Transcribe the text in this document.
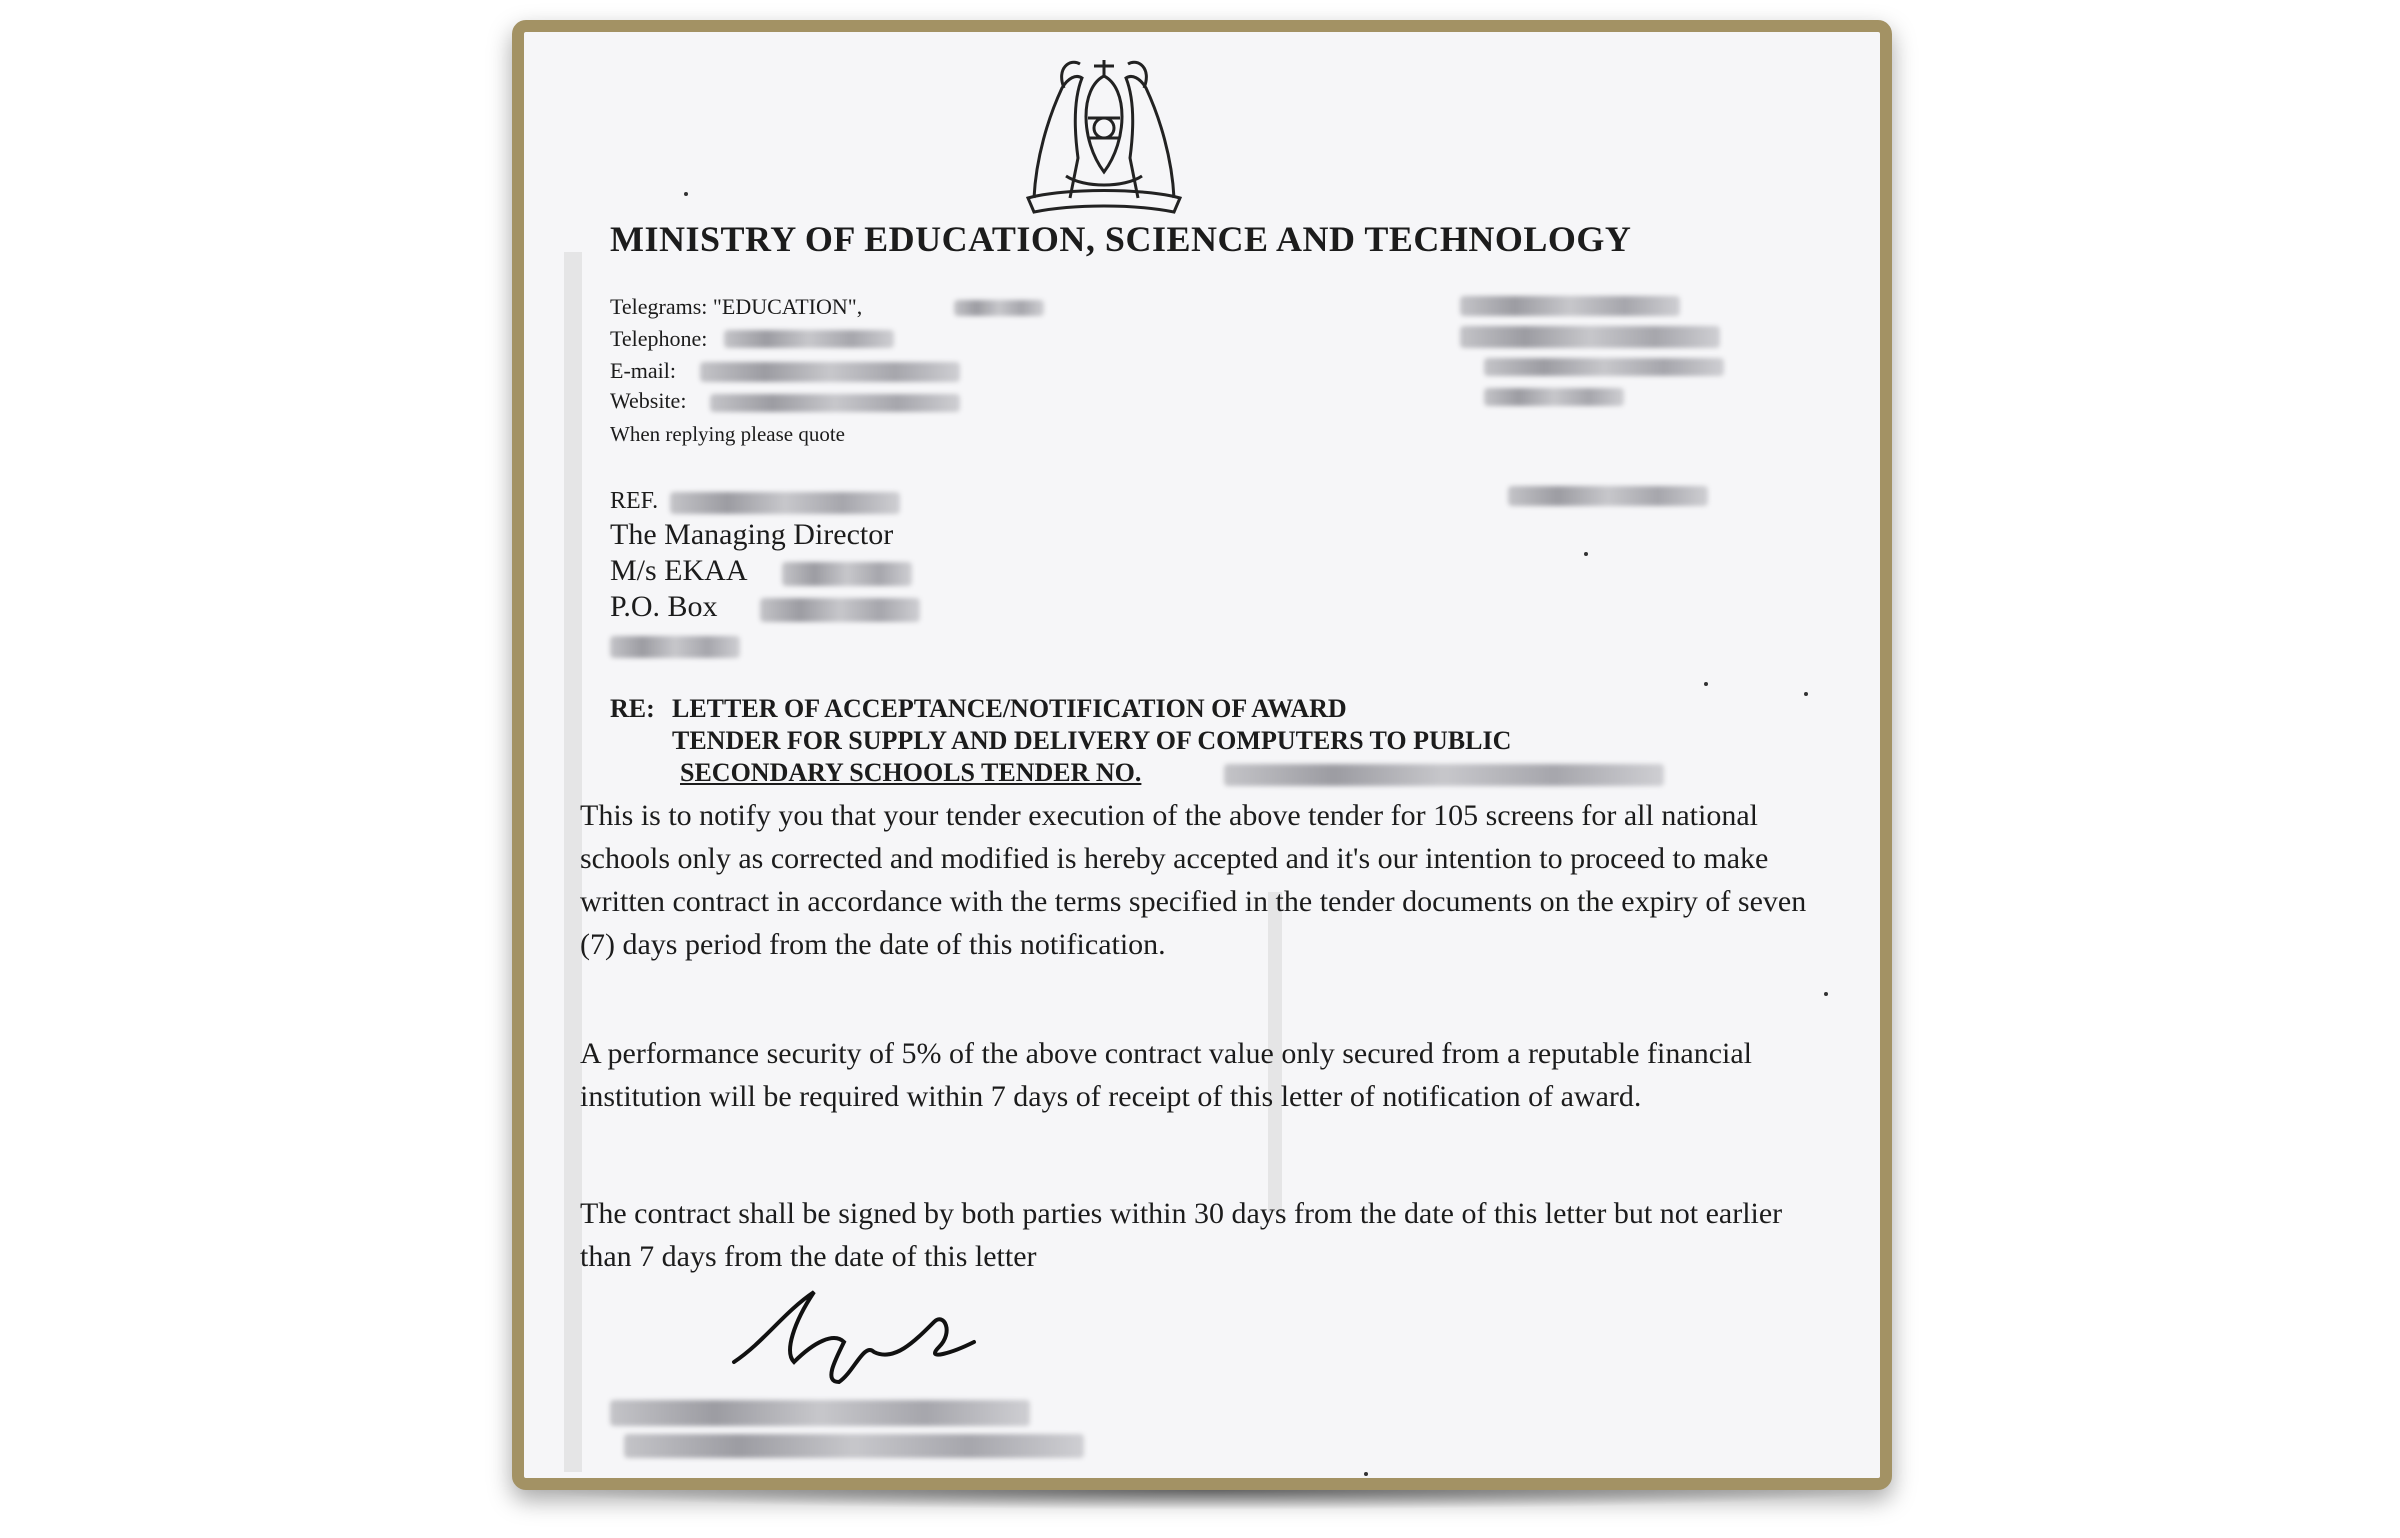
MINISTRY OF EDUCATION, SCIENCE AND TECHNOLOGY
Telegrams: "EDUCATION",
Telephone:
E-mail:
Website:
When replying please quote
REF.
The Managing Director
M/s EKAA
P.O. Box
RE: LETTER OF ACCEPTANCE/NOTIFICATION OF AWARD
TENDER FOR SUPPLY AND DELIVERY OF COMPUTERS TO PUBLIC
SECONDARY SCHOOLS TENDER NO.
This is to notify you that your tender execution of the above tender for 105 screens for all national schools only as corrected and modified is hereby accepted and it's our intention to proceed to make written contract in accordance with the terms specified in the tender documents on the expiry of seven (7) days period from the date of this notification.
A performance security of 5% of the above contract value only secured from a reputable financial institution will be required within 7 days of receipt of this letter of notification of award.
The contract shall be signed by both parties within 30 days from the date of this letter but not earlier than 7 days from the date of this letter
